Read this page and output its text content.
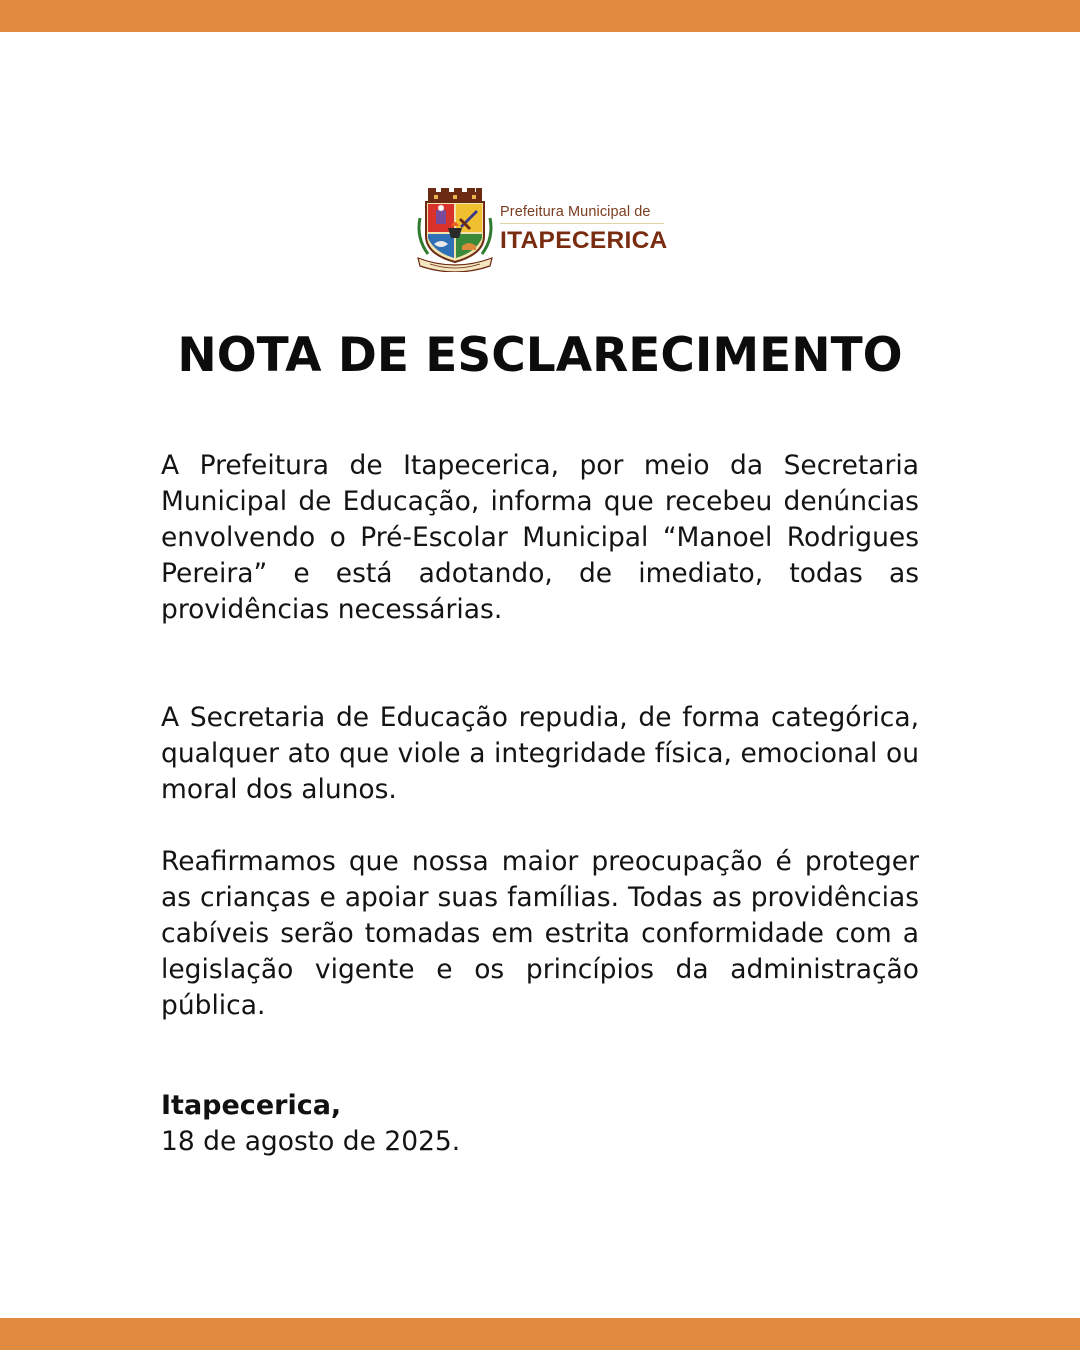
Prefeitura Municipal de
ITAPECERICA
NOTA DE ESCLARECIMENTO

A Prefeitura de Itapecerica, por meio da Secretaria Municipal de Educação, informa que recebeu denúncias envolvendo o Pré-Escolar Municipal “Manoel Rodrigues Pereira” e está adotando, de imediato, todas as providências necessárias.

A Secretaria de Educação repudia, de forma categórica, qualquer ato que viole a integridade física, emocional ou moral dos alunos.

Reafirmamos que nossa maior preocupação é proteger as crianças e apoiar suas famílias. Todas as providências cabíveis serão tomadas em estrita conformidade com a legislação vigente e os princípios da administração pública.

Itapecerica,

18 de agosto de 2025.
